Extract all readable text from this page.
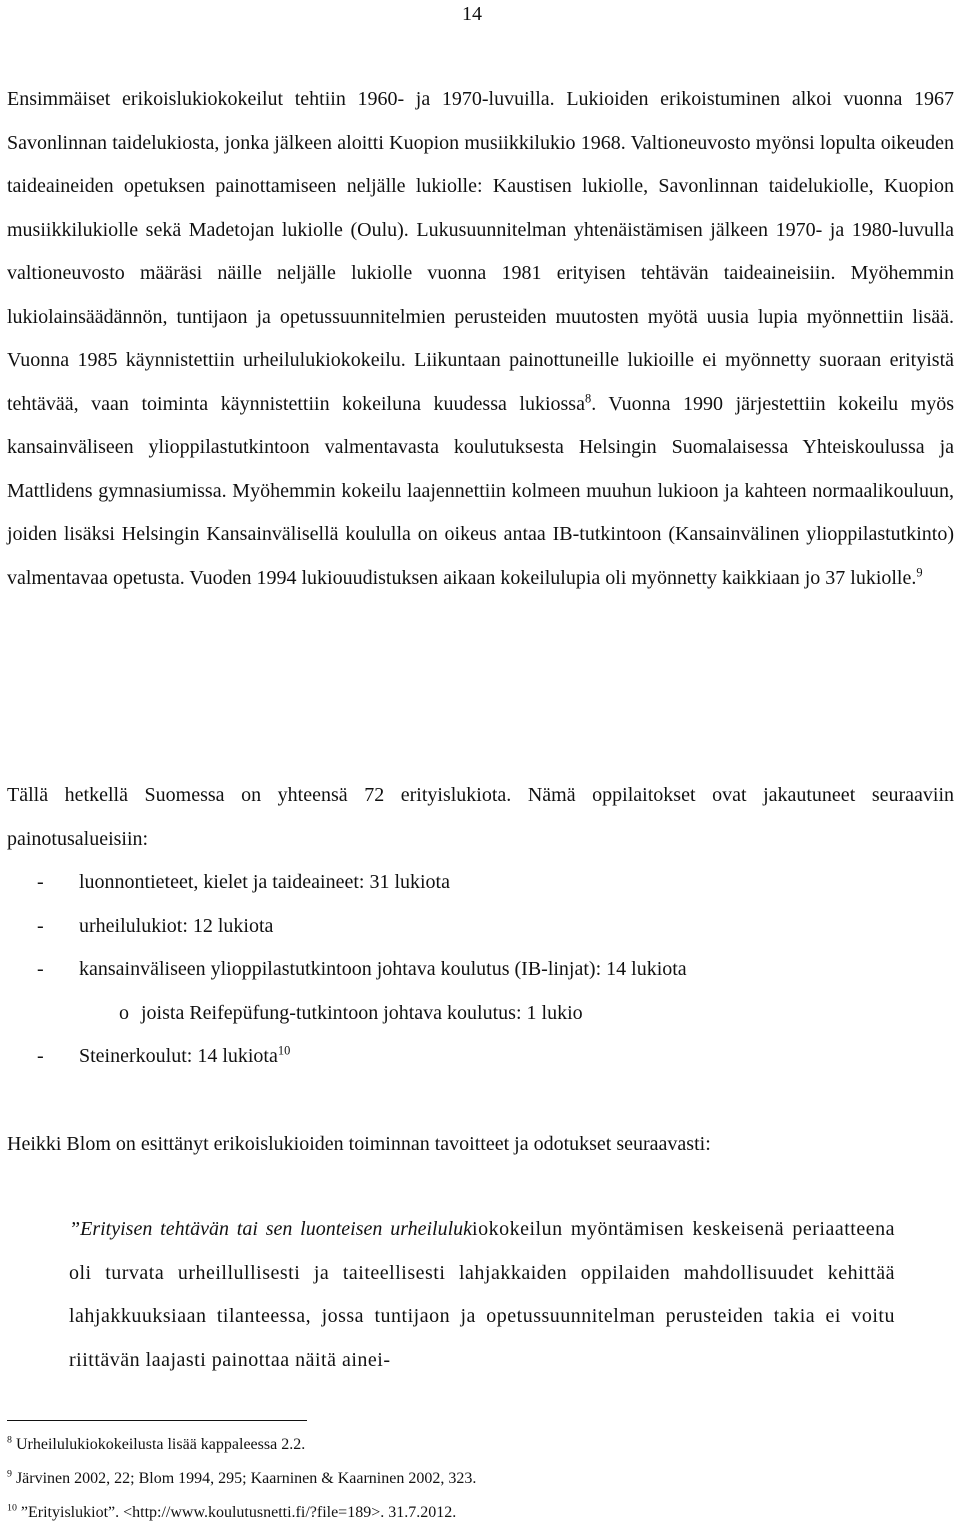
14
Ensimmäiset erikoislukiokokeilut tehtiin 1960- ja 1970-luvuilla. Lukioiden erikoistuminen alkoi vuonna 1967 Savonlinnan taidelukiosta, jonka jälkeen aloitti Kuopion musiikkilukio 1968. Valtioneuvosto myönsi lopulta oikeuden taideaineiden opetuksen painottamiseen neljälle lukiolle: Kaustisen lukiolle, Savonlinnan taidelukiolle, Kuopion musiikkilukiolle sekä Madetojan lukiolle (Oulu). Lukusuunnitelman yhtenäistämisen jälkeen 1970- ja 1980-luvulla valtioneuvosto määräsi näille neljälle lukiolle vuonna 1981 erityisen tehtävän taideaineisiin. Myöhemmin lukiolainsäädännön, tuntijaon ja opetussuunnitelmien perusteiden muutosten myötä uusia lupia myönnettiin lisää. Vuonna 1985 käynnistettiin urheilulukiokokeilu. Liikuntaan painottuneille lukioille ei myönnetty suoraan erityistä tehtävää, vaan toiminta käynnistettiin kokeiluna kuudessa lukiossa$^8$. Vuonna 1990 järjestettiin kokeilu myös kansainväliseen ylioppilastutkintoon valmentavasta koulutuksesta Helsingin Suomalaisessa Yhteiskoulussa ja Mattlidens gymnasiumissa. Myöhemmin kokeilu laajennettiin kolmeen muuhun lukioon ja kahteen normaalikouluun, joiden lisäksi Helsingin Kansainvälisellä koululla on oikeus antaa IB-tutkintoon (Kansainvälinen ylioppilastutkinto) valmentavaa opetusta. Vuoden 1994 lukiouudistuksen aikaan kokeilulupia oli myönnetty kaikkiaan jo 37 lukiolle.$^9$
Tällä hetkellä Suomessa on yhteensä 72 erityislukiota. Nämä oppilaitokset ovat jakautuneet seuraaviin painotusalueisiin:
-	luonnontieteet, kielet ja taideaineet: 31 lukiota
-	urheilulukiot: 12 lukiota
-	kansainväliseen ylioppilastutkintoon johtava koulutus (IB-linjat): 14 lukiota
o joista Reifepüfung-tutkintoon johtava koulutus: 1 lukio
-	Steinerkoulut: 14 lukiota$^{10}$
Heikki Blom on esittänyt erikoislukioiden toiminnan tavoitteet ja odotukset seuraavasti:
”Erityisen tehtävän tai sen luonteisen urheilulukiokokeilun myöntämisen keskeisenä periaatteena oli turvata urheillullisesti ja taiteellisesti lahjakkaiden oppilaiden mahdollisuudet kehittää lahjakkuuksiaan tilanteessa, jossa tuntijaon ja opetussuunnitelman perusteiden takia ei voitu riittävän laajasti painottaa näitä ainei-
$^8$ Urheilulukiokokeilusta lisää kappaleessa 2.2.
$^9$ Järvinen 2002, 22; Blom 1994, 295; Kaarninen & Kaarninen 2002, 323.
$^{10}$ ”Erityislukiot”. <http://www.koulutusnetti.fi/?file=189>. 31.7.2012.
